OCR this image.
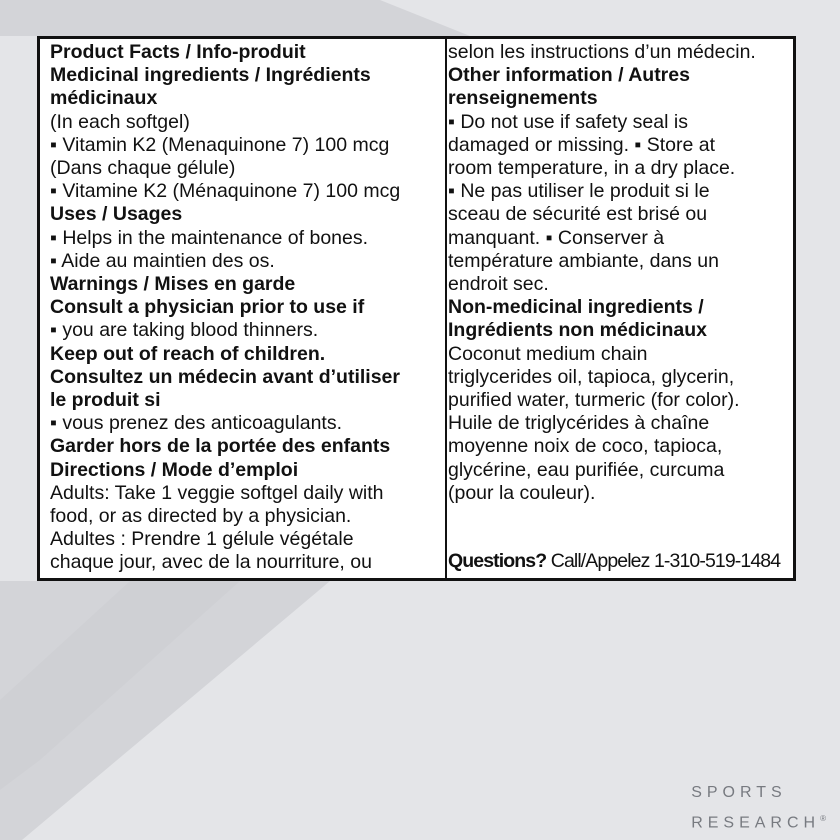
Product Facts / Info-produit
Medicinal ingredients / Ingrédients
médicinaux
(In each softgel)
▪ Vitamin K2 (Menaquinone 7) 100 mcg
(Dans chaque gélule)
▪ Vitamine K2 (Ménaquinone 7) 100 mcg
Uses / Usages
▪ Helps in the maintenance of bones.
▪ Aide au maintien des os.
Warnings / Mises en garde
Consult a physician prior to use if
▪ you are taking blood thinners.
Keep out of reach of children.
Consultez un médecin avant d’utiliser
le produit si
▪ vous prenez des anticoagulants.
Garder hors de la portée des enfants
Directions / Mode d’emploi
Adults: Take 1 veggie softgel daily with
food, or as directed by a physician.
Adultes : Prendre 1 gélule végétale
chaque jour, avec de la nourriture, ou
selon les instructions d’un médecin.
Other information / Autres
renseignements
▪ Do not use if safety seal is
damaged or missing. ▪ Store at
room temperature, in a dry place.
▪ Ne pas utiliser le produit si le
sceau de sécurité est brisé ou
manquant. ▪ Conserver à
température ambiante, dans un
endroit sec.
Non-medicinal ingredients /
Ingrédients non médicinaux
Coconut medium chain
triglycerides oil, tapioca, glycerin,
purified water, turmeric (for color).
Huile de triglycérides à chaîne
moyenne noix de coco, tapioca,
glycérine, eau purifiée, curcuma
(pour la couleur).
Questions? Call/Appelez 1-310-519-1484
SPORTS
RESEARCH®
